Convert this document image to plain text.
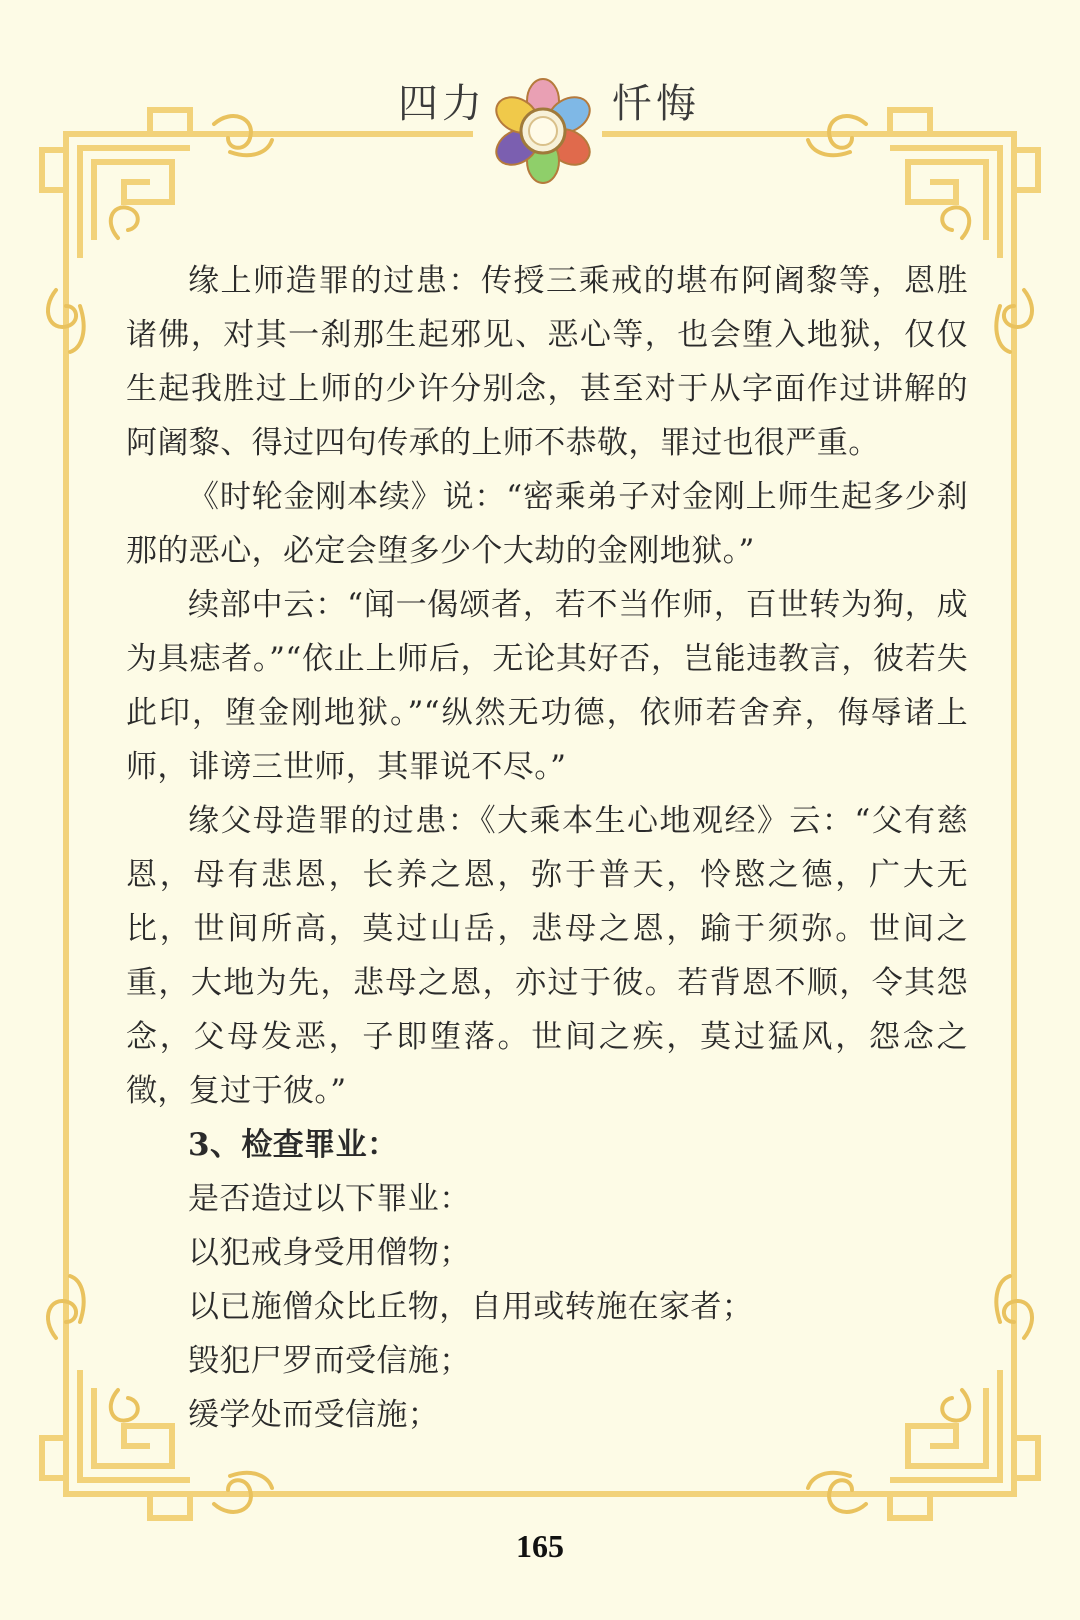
四力	忏悔

缘上师造罪的过患：传授三乘戒的堪布阿阇黎等，恩胜诸佛，对其一刹那生起邪见、恶心等，也会堕入地狱，仅仅生起我胜过上师的少许分别念，甚至对于从字面作过讲解的阿阇黎、得过四句传承的上师不恭敬，罪过也很严重。

《时轮金刚本续》说：“密乘弟子对金刚上师生起多少刹那的恶心，必定会堕多少个大劫的金刚地狱。”

续部中云：“闻一偈颂者，若不当作师，百世转为狗，成为具痣者。”“依止上师后，无论其好否，岂能违教言，彼若失此印，堕金刚地狱。”“纵然无功德，依师若舍弃，侮辱诸上师，诽谤三世师，其罪说不尽。”

缘父母造罪的过患：《大乘本生心地观经》云：“父有慈恩，母有悲恩，长养之恩，弥于普天，怜愍之德，广大无比，世间所高，莫过山岳，悲母之恩，踰于须弥。世间之重，大地为先，悲母之恩，亦过于彼。若背恩不顺，令其怨念，父母发恶，子即堕落。世间之疾，莫过猛风，怨念之徵，复过于彼。”

3、检查罪业：

是否造过以下罪业：

以犯戒身受用僧物；

以已施僧众比丘物，自用或转施在家者；

毁犯尸罗而受信施；

缓学处而受信施；

165
